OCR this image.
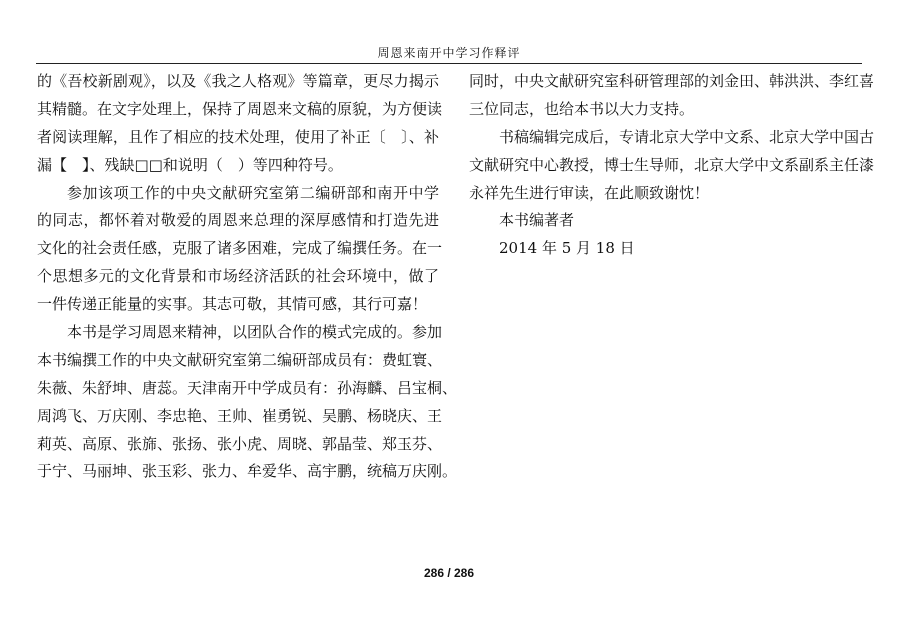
周恩来南开中学习作释评
的《吾校新剧观》，以及《我之人格观》等篇章，更尽力揭示
其精髓。在文字处理上，保持了周恩来文稿的原貌，为方便读
者阅读理解，且作了相应的技术处理，使用了补正〔　〕、补
漏【　】、残缺□□和说明（　）等四种符号。
参加该项工作的中央文献研究室第二编研部和南开中学
的同志，都怀着对敬爱的周恩来总理的深厚感情和打造先进
文化的社会责任感，克服了诸多困难，完成了编撰任务。在一
个思想多元的文化背景和市场经济活跃的社会环境中，做了
一件传递正能量的实事。其志可敬，其情可感，其行可嘉！
本书是学习周恩来精神，以团队合作的模式完成的。参加
本书编撰工作的中央文献研究室第二编研部成员有：费虹寰、
朱薇、朱舒坤、唐蕊。天津南开中学成员有：孙海麟、吕宝桐、
周鸿飞、万庆刚、李忠艳、王帅、崔勇锐、吴鹏、杨晓庆、王
莉英、高原、张旆、张扬、张小虎、周晓、郭晶莹、郑玉芬、
于宁、马丽坤、张玉彩、张力、牟爱华、高宇鹏，统稿万庆刚。
同时，中央文献研究室科研管理部的刘金田、韩洪洪、李红喜
三位同志，也给本书以大力支持。
书稿编辑完成后，专请北京大学中文系、北京大学中国古
文献研究中心教授，博士生导师，北京大学中文系副系主任漆
永祥先生进行审读，在此顺致谢忱！
本书编著者
2014 年 5 月 18 日
286 / 286
